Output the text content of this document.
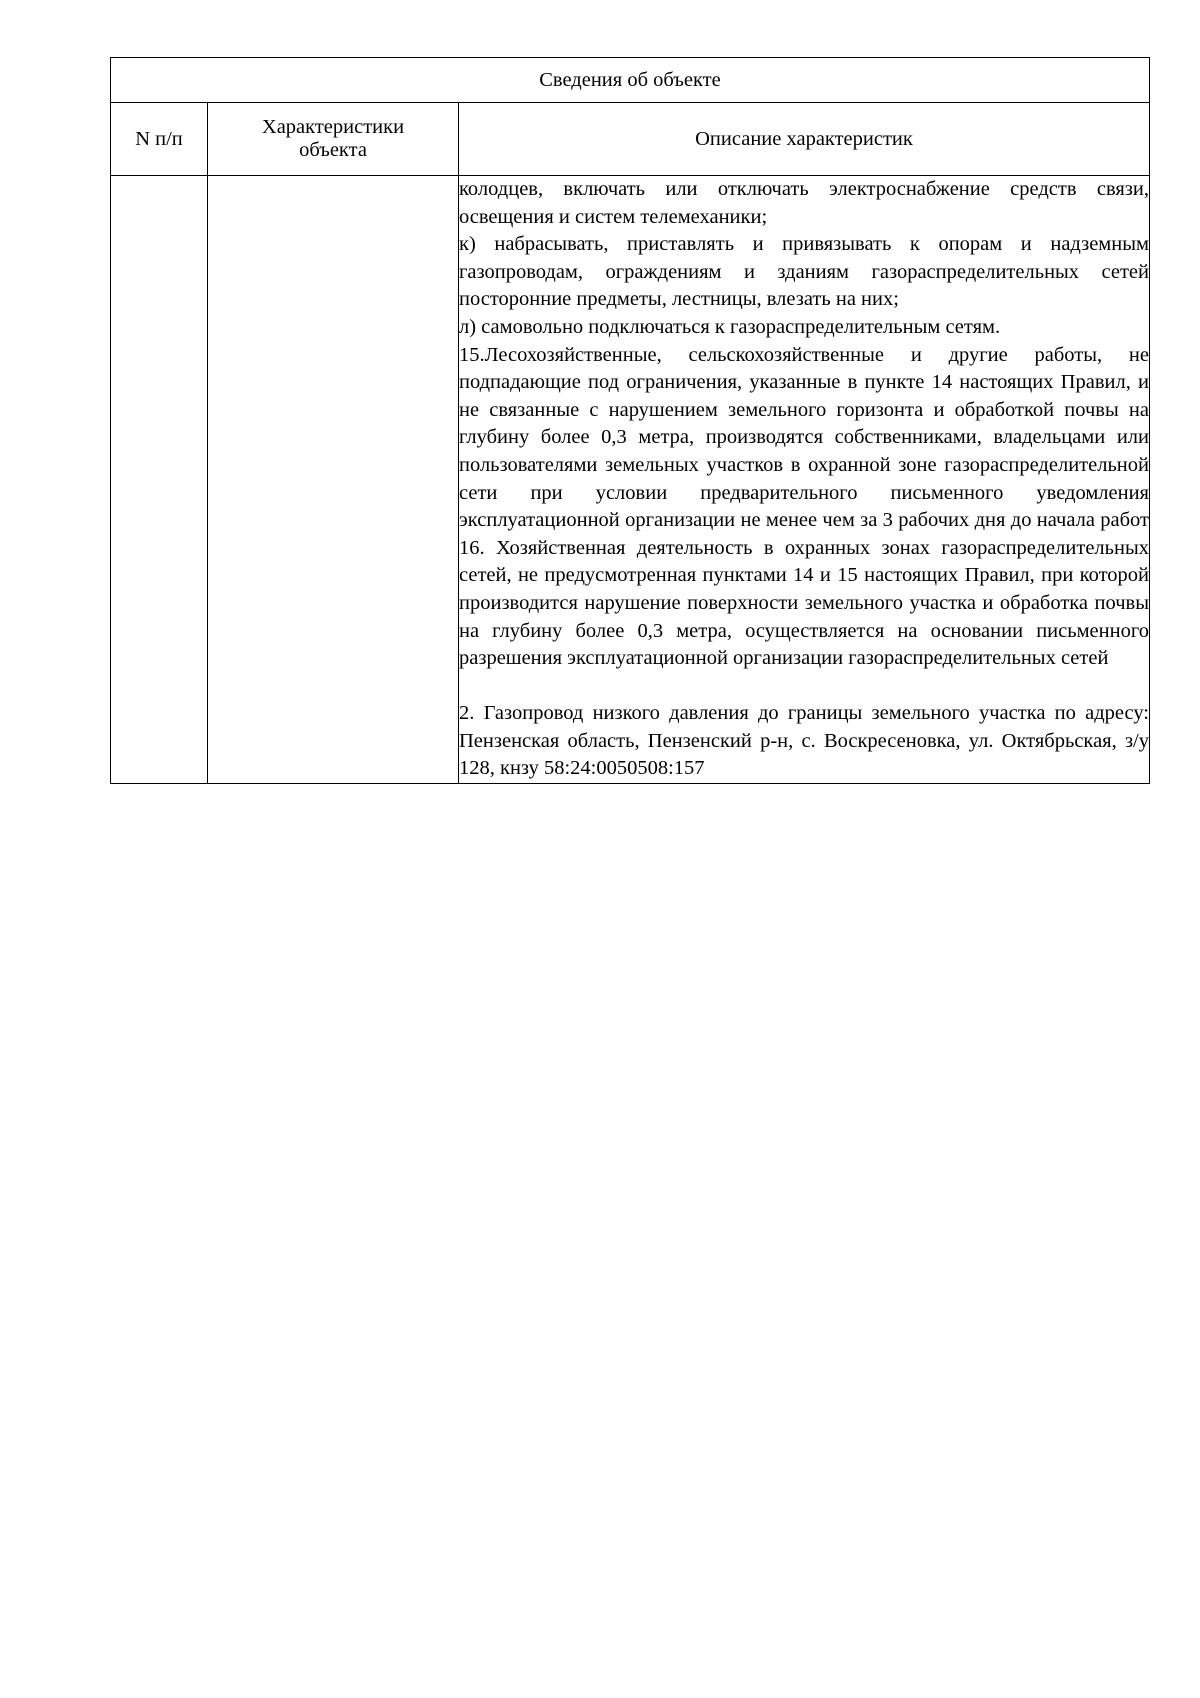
Сведения об объекте		
N п/п	Характеристики объекта	Описание характеристик

		колодцев, включать или отключать электроснабжение средств связи, освещения и систем телемеханики;

к) набрасывать, приставлять и привязывать к опорам и надземным газопроводам, ограждениям и зданиям газораспределительных сетей посторонние предметы, лестницы, влезать на них;

л) самовольно подключаться к газораспределительным сетям.

15.Лесохозяйственные, сельскохозяйственные и другие работы, не подпадающие под ограничения, указанные в пункте 14 настоящих Правил, и не связанные с нарушением земельного горизонта и обработкой почвы на глубину более 0,3 метра, производятся собственниками, владельцами или пользователями земельных участков в охранной зоне газораспределительной сети при условии предварительного письменного уведомления эксплуатационной организации не менее чем за 3 рабочих дня до начала работ 16. Хозяйственная деятельность в охранных зонах газораспределительных сетей, не предусмотренная пунктами 14 и 15 настоящих Правил, при которой производится нарушение поверхности земельного участка и обработка почвы на глубину более 0,3 метра, осуществляется на основании письменного разрешения эксплуатационной организации газораспределительных сетей

2. Газопровод низкого давления до границы земельного участка по адресу: Пензенская область, Пензенский р-н, с. Воскресеновка, ул. Октябрьская, з/у 128, кнзу 58:24:0050508:157
